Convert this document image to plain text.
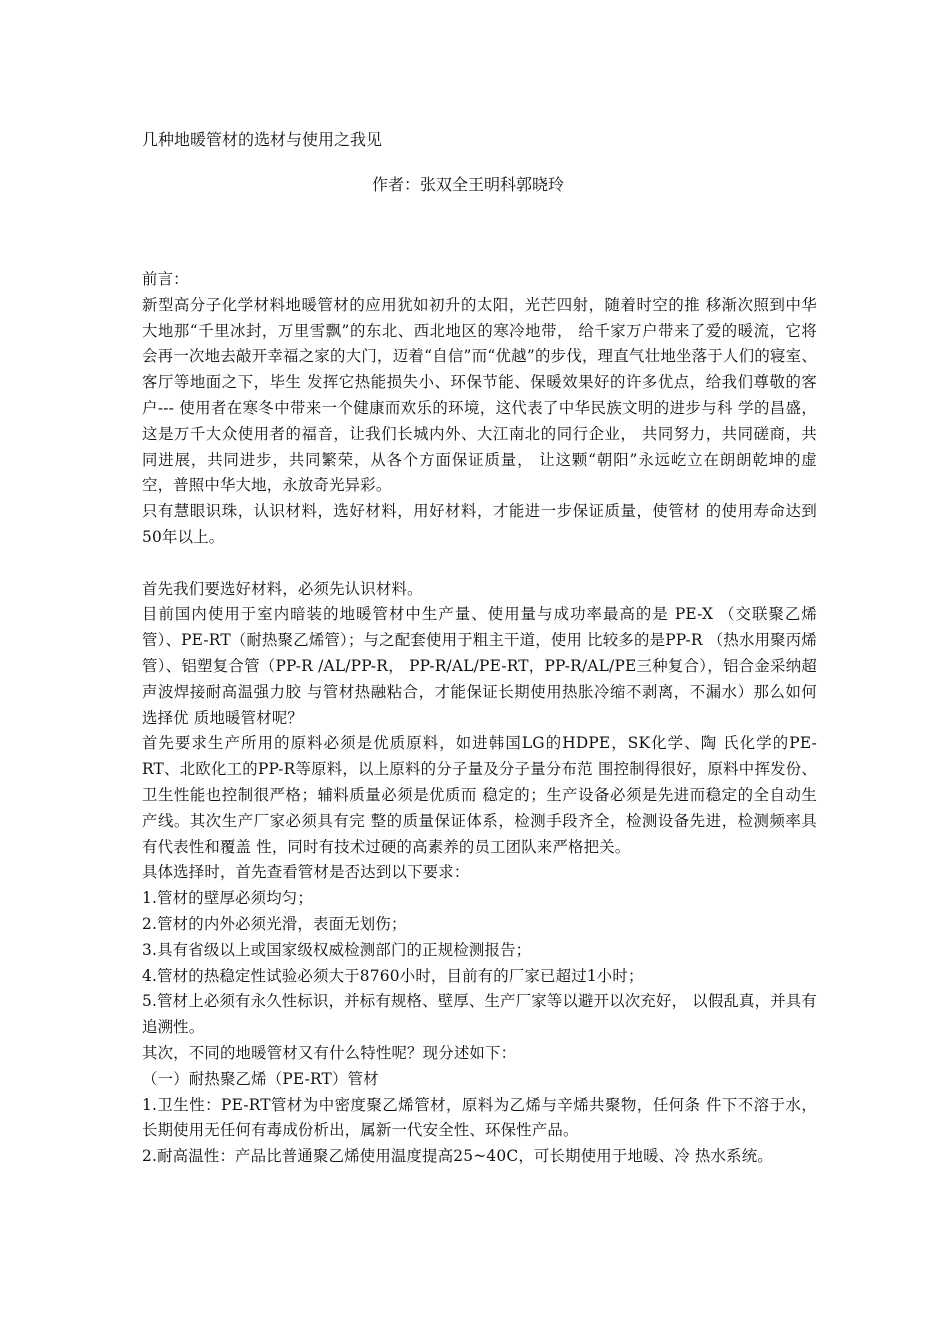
几种地暖管材的选材与使用之我见
作者：张双全王明科郭晓玲

前言：

新型高分子化学材料地暖管材的应用犹如初升的太阳，光芒四射，随着时空的推 移渐次照到中华大地那“千里冰封，万里雪飘”的东北、西北地区的寒冷地带， 给千家万户带来了爱的暖流，它将会再一次地去敲开幸福之家的大门，迈着“自信”而“优越”的步伐，理直气壮地坐落于人们的寝室、客厅等地面之下，毕生 发挥它热能损失小、环保节能、保暖效果好的许多优点，给我们尊敬的客户--- 使用者在寒冬中带来一个健康而欢乐的环境，这代表了中华民族文明的进步与科 学的昌盛，这是万千大众使用者的福音，让我们长城内外、大江南北的同行企业， 共同努力，共同磋商，共同进展，共同进步，共同繁荣，从各个方面保证质量， 让这颗“朝阳”永远屹立在朗朗乾坤的虚空，普照中华大地，永放奇光异彩。

只有慧眼识珠，认识材料，选好材料，用好材料，才能进一步保证质量，使管材 的使用寿命达到50年以上。

首先我们要选好材料，必须先认识材料。

目前国内使用于室内暗装的地暖管材中生产量、使用量与成功率最高的是 PE-X （交联聚乙烯管）、PE-RT（耐热聚乙烯管）；与之配套使用于粗主干道，使用 比较多的是PP-R （热水用聚丙烯管）、铝塑复合管（PP-R /AL/PP-R， PP-R/AL/PE-RT，PP-R/AL/PE三种复合），铝合金采纳超声波焊接耐高温强力胶 与管材热融粘合，才能保证长期使用热胀冷缩不剥离，不漏水）那么如何选择优 质地暖管材呢？

首先要求生产所用的原料必须是优质原料，如进韩国LG的HDPE，SK化学、陶 氏化学的PE-RT、北欧化工的PP-R等原料，以上原料的分子量及分子量分布范 围控制得很好，原料中挥发份、卫生性能也控制很严格；辅料质量必须是优质而 稳定的；生产设备必须是先进而稳定的全自动生产线。其次生产厂家必须具有完 整的质量保证体系，检测手段齐全，检测设备先进，检测频率具有代表性和覆盖 性，同时有技术过硬的高素养的员工团队来严格把关。

具体选择时，首先查看管材是否达到以下要求：

1.管材的壁厚必须均匀；

2.管材的内外必须光滑，表面无划伤；

3.具有省级以上或国家级权威检测部门的正规检测报告；

4.管材的热稳定性试验必须大于8760小时，目前有的厂家已超过1小时；

5.管材上必须有永久性标识，并标有规格、壁厚、生产厂家等以避开以次充好， 以假乱真，并具有追溯性。

其次，不同的地暖管材又有什么特性呢？现分述如下：

（一）耐热聚乙烯（PE-RT）管材

1.卫生性：PE-RT管材为中密度聚乙烯管材，原料为乙烯与辛烯共聚物，任何条 件下不溶于水，长期使用无任何有毒成份析出，属新一代安全性、环保性产品。

2.耐高温性：产品比普通聚乙烯使用温度提高25~40C，可长期使用于地暖、冷 热水系统。
